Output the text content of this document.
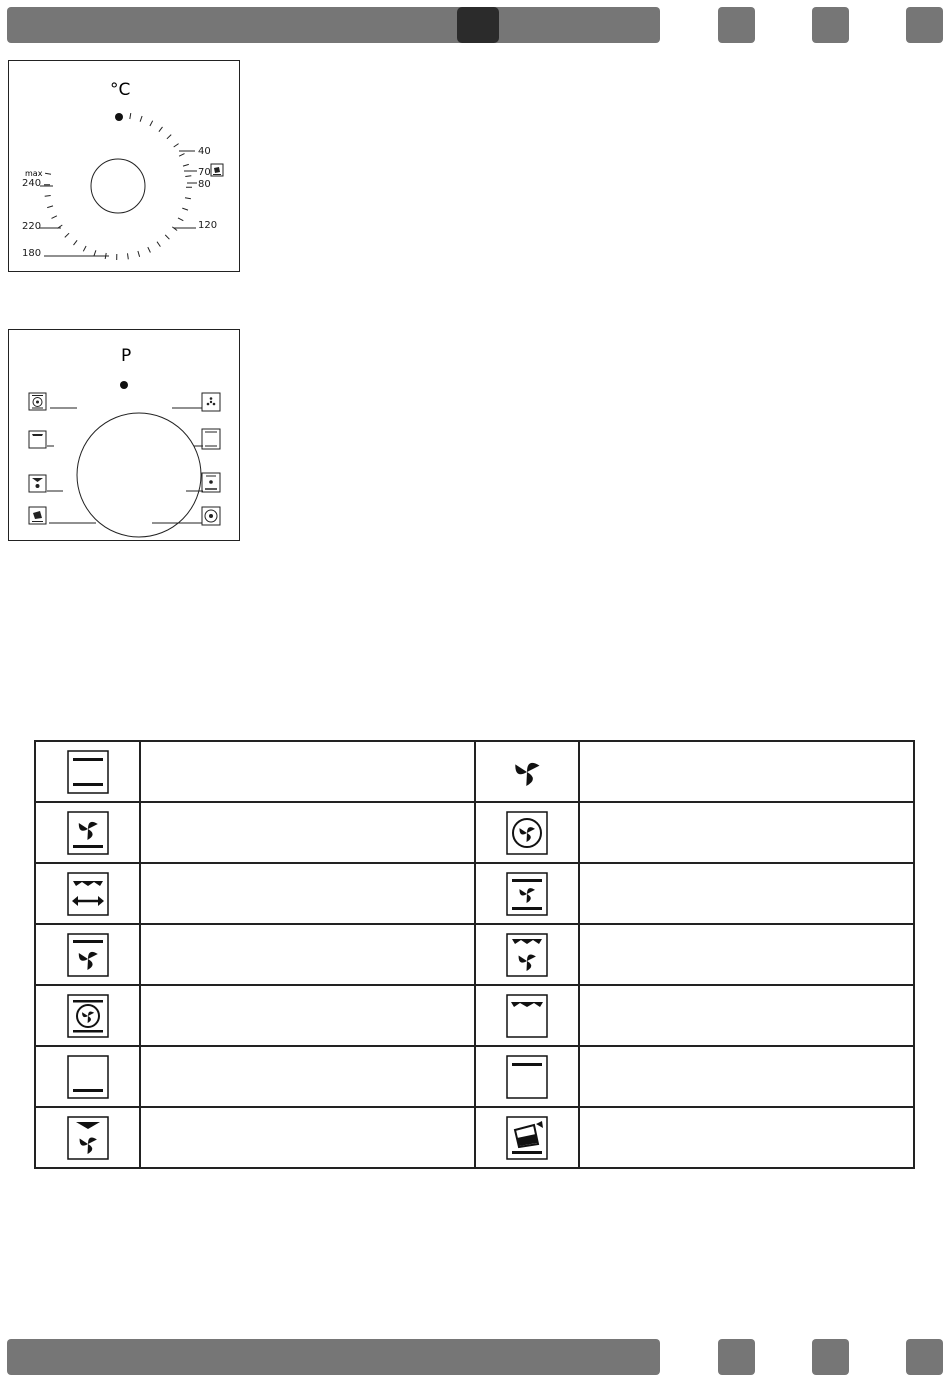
°C
40
70
80
120
180
220
240
max
P
